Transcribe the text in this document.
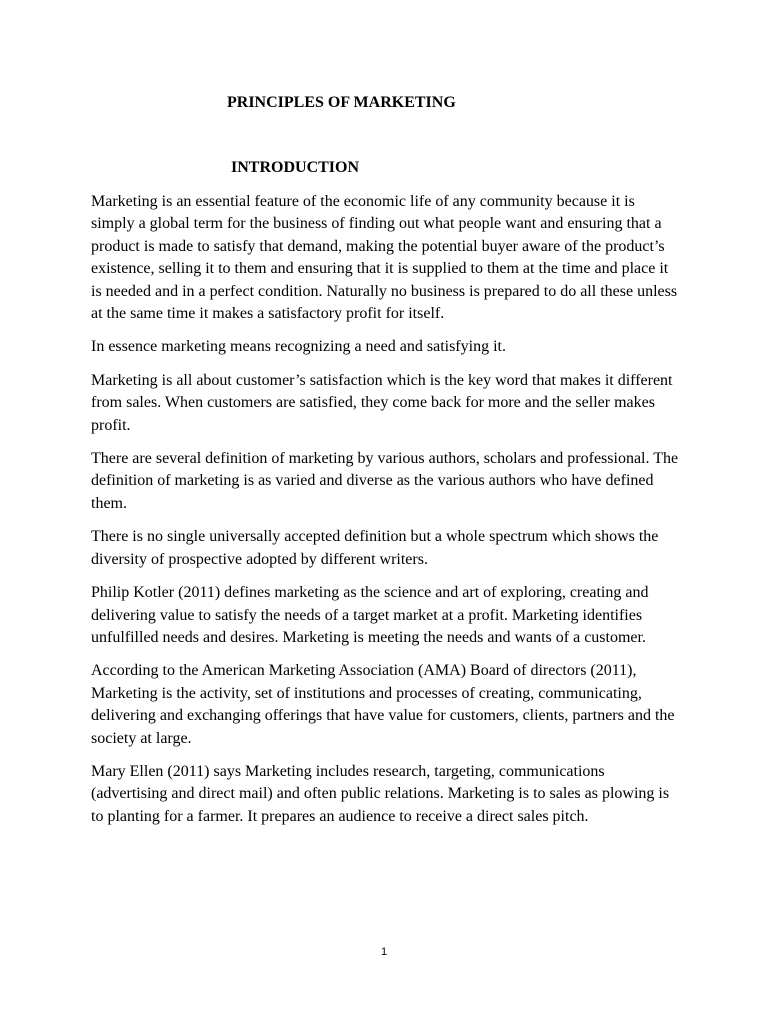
PRINCIPLES OF MARKETING
INTRODUCTION

Marketing is an essential feature of the economic life of any community because it is simply a global term for the business of finding out what people want and ensuring that a product is made to satisfy that demand, making the potential buyer aware of the product’s existence, selling it to them and ensuring that it is supplied to them at the time and place it is needed and in a perfect condition. Naturally no business is prepared to do all these unless at the same time it makes a satisfactory profit for itself.

In essence marketing means recognizing a need and satisfying it.

Marketing is all about customer’s satisfaction which is the key word that makes it different from sales. When customers are satisfied, they come back for more and the seller makes profit.

There are several definition of marketing by various authors, scholars and professional. The definition of marketing is as varied and diverse as the various authors who have defined them.

There is no single universally accepted definition but a whole spectrum which shows the diversity of prospective adopted by different writers.

Philip Kotler (2011) defines marketing as the science and art of exploring, creating and delivering value to satisfy the needs of a target market at a profit. Marketing identifies unfulfilled needs and desires. Marketing is meeting the needs and wants of a customer.

According to the American Marketing Association (AMA) Board of directors (2011), Marketing is the activity, set of institutions and processes of creating, communicating, delivering and exchanging offerings that have value for customers, clients, partners and the society at large.

Mary Ellen (2011) says Marketing includes research, targeting, communications (advertising and direct mail) and often public relations. Marketing is to sales as plowing is to planting for a farmer. It prepares an audience to receive a direct sales pitch.

1
